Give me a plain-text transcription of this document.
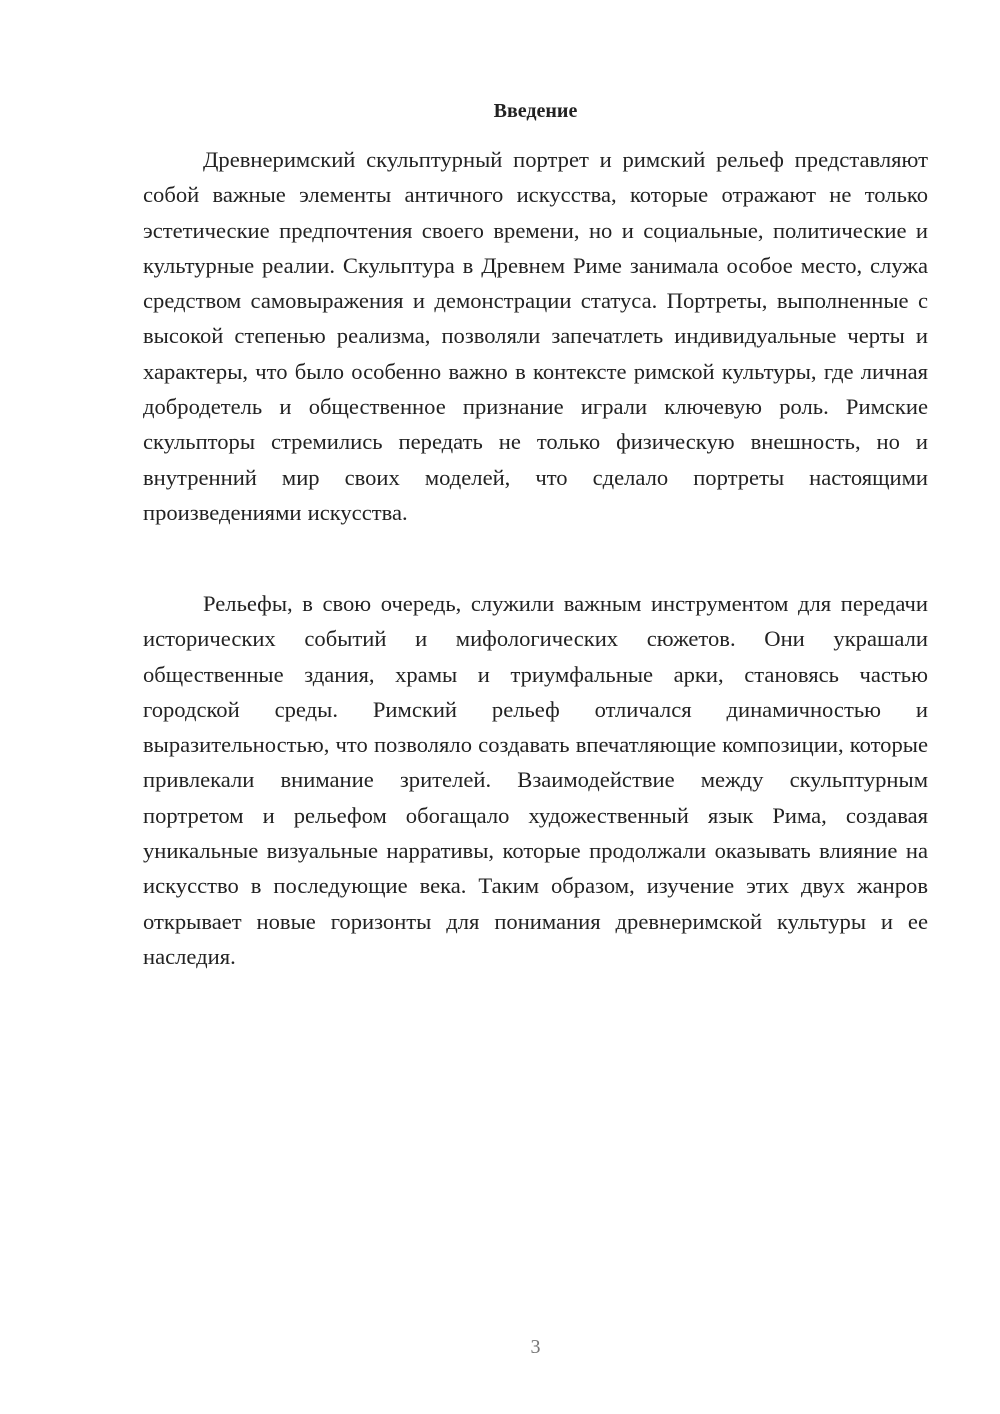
Введение

Древнеримский скульптурный портрет и римский рельеф представляют собой важные элементы античного искусства, которые отражают не только эстетические предпочтения своего времени, но и социальные, политические и культурные реалии. Скульптура в Древнем Риме занимала особое место, служа средством самовыражения и демонстрации статуса. Портреты, выполненные с высокой степенью реализма, позволяли запечатлеть индивидуальные черты и характеры, что было особенно важно в контексте римской культуры, где личная добродетель и общественное признание играли ключевую роль. Римские скульпторы стремились передать не только физическую внешность, но и внутренний мир своих моделей, что сделало портреты настоящими произведениями искусства.

Рельефы, в свою очередь, служили важным инструментом для передачи исторических событий и мифологических сюжетов. Они украшали общественные здания, храмы и триумфальные арки, становясь частью городской среды. Римский рельеф отличался динамичностью и выразительностью, что позволяло создавать впечатляющие композиции, которые привлекали внимание зрителей. Взаимодействие между скульптурным портретом и рельефом обогащало художественный язык Рима, создавая уникальные визуальные нарративы, которые продолжали оказывать влияние на искусство в последующие века. Таким образом, изучение этих двух жанров открывает новые горизонты для понимания древнеримской культуры и ее наследия.

3
